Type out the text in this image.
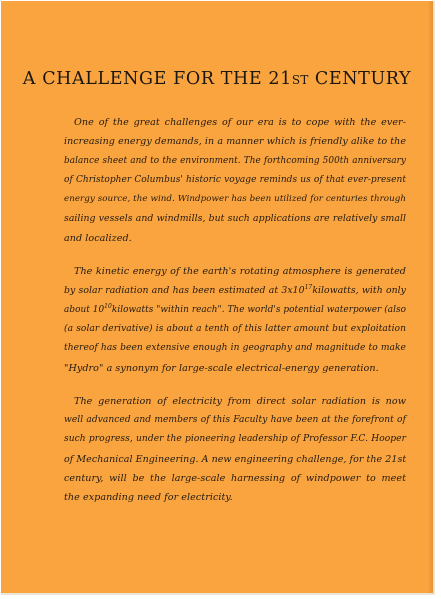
A CHALLENGE FOR THE 21ST CENTURY
One of the great challenges of our era is to cope with the ever-
increasing energy demands, in a manner which is friendly alike to the
balance sheet and to the environment. The forthcoming 500th anniversary
of Christopher Columbus' historic voyage reminds us of that ever-present
energy source, the wind. Windpower has been utilized for centuries through
sailing vessels and windmills, but such applications are relatively small
and localized.
The kinetic energy of the earth's rotating atmosphere is generated
by solar radiation and has been estimated at $3x10^{17}kilowatts$, with only
about $10^{10}kilowatts$ "within reach". The world's potential waterpower (also
(a solar derivative) is about a tenth of this latter amount but exploitation
thereof has been extensive enough in geography and magnitude to make
"Hydro" a synonym for large-scale electrical-energy generation.
The generation of electricity from direct solar radiation is now
well advanced and members of this Faculty have been at the forefront of
such progress, under the pioneering leadership of Professor F.C. Hooper
of Mechanical Engineering. A new engineering challenge, for the 21st
century, will be the large-scale harnessing of windpower to meet
the expanding need for electricity.
